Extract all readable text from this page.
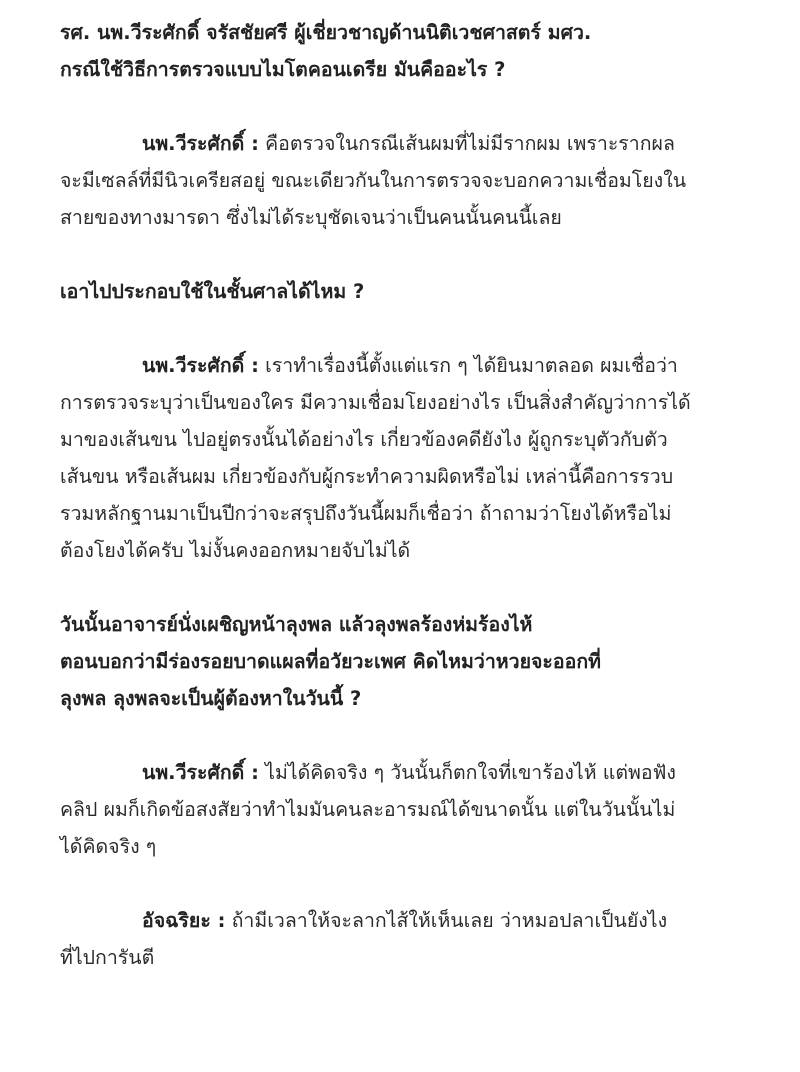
รศ. นพ.วีระศักดิ์ จรัสชัยศรี ผู้เชี่ยวชาญด้านนิติเวชศาสตร์ มศว.
กรณีใช้วิธีการตรวจแบบไมโตคอนเดรีย มันคืออะไร ?
นพ.วีระศักดิ์ : คือตรวจในกรณีเส้นผมที่ไม่มีรากผม เพราะรากผล
จะมีเซลล์ที่มีนิวเครียสอยู่ ขณะเดียวกันในการตรวจจะบอกความเชื่อมโยงใน
สายของทางมารดา ซึ่งไม่ได้ระบุชัดเจนว่าเป็นคนนั้นคนนี้เลย
เอาไปประกอบใช้ในชั้นศาลได้ไหม ?
นพ.วีระศักดิ์ : เราทำเรื่องนี้ตั้งแต่แรก ๆ ได้ยินมาตลอด ผมเชื่อว่า
การตรวจระบุว่าเป็นของใคร มีความเชื่อมโยงอย่างไร เป็นสิ่งสำคัญว่าการได้
มาของเส้นขน ไปอยู่ตรงนั้นได้อย่างไร เกี่ยวข้องคดียังไง ผู้ถูกระบุตัวกับตัว
เส้นขน หรือเส้นผม เกี่ยวข้องกับผู้กระทำความผิดหรือไม่ เหล่านี้คือการรวบ
รวมหลักฐานมาเป็นปีกว่าจะสรุปถึงวันนี้ผมก็เชื่อว่า ถ้าถามว่าโยงได้หรือไม่
ต้องโยงได้ครับ ไม่งั้นคงออกหมายจับไม่ได้
วันนั้นอาจารย์นั่งเผชิญหน้าลุงพล แล้วลุงพลร้องห่มร้องไห้
ตอนบอกว่ามีร่องรอยบาดแผลที่อวัยวะเพศ คิดไหมว่าหวยจะออกที่
ลุงพล ลุงพลจะเป็นผู้ต้องหาในวันนี้ ?
นพ.วีระศักดิ์ : ไม่ได้คิดจริง ๆ วันนั้นก็ตกใจที่เขาร้องไห้ แต่พอฟัง
คลิป ผมก็เกิดข้อสงสัยว่าทำไมมันคนละอารมณ์ได้ขนาดนั้น แต่ในวันนั้นไม่
ได้คิดจริง ๆ
อัจฉริยะ : ถ้ามีเวลาให้จะลากไส้ให้เห็นเลย ว่าหมอปลาเป็นยังไง
ที่ไปการันตี
